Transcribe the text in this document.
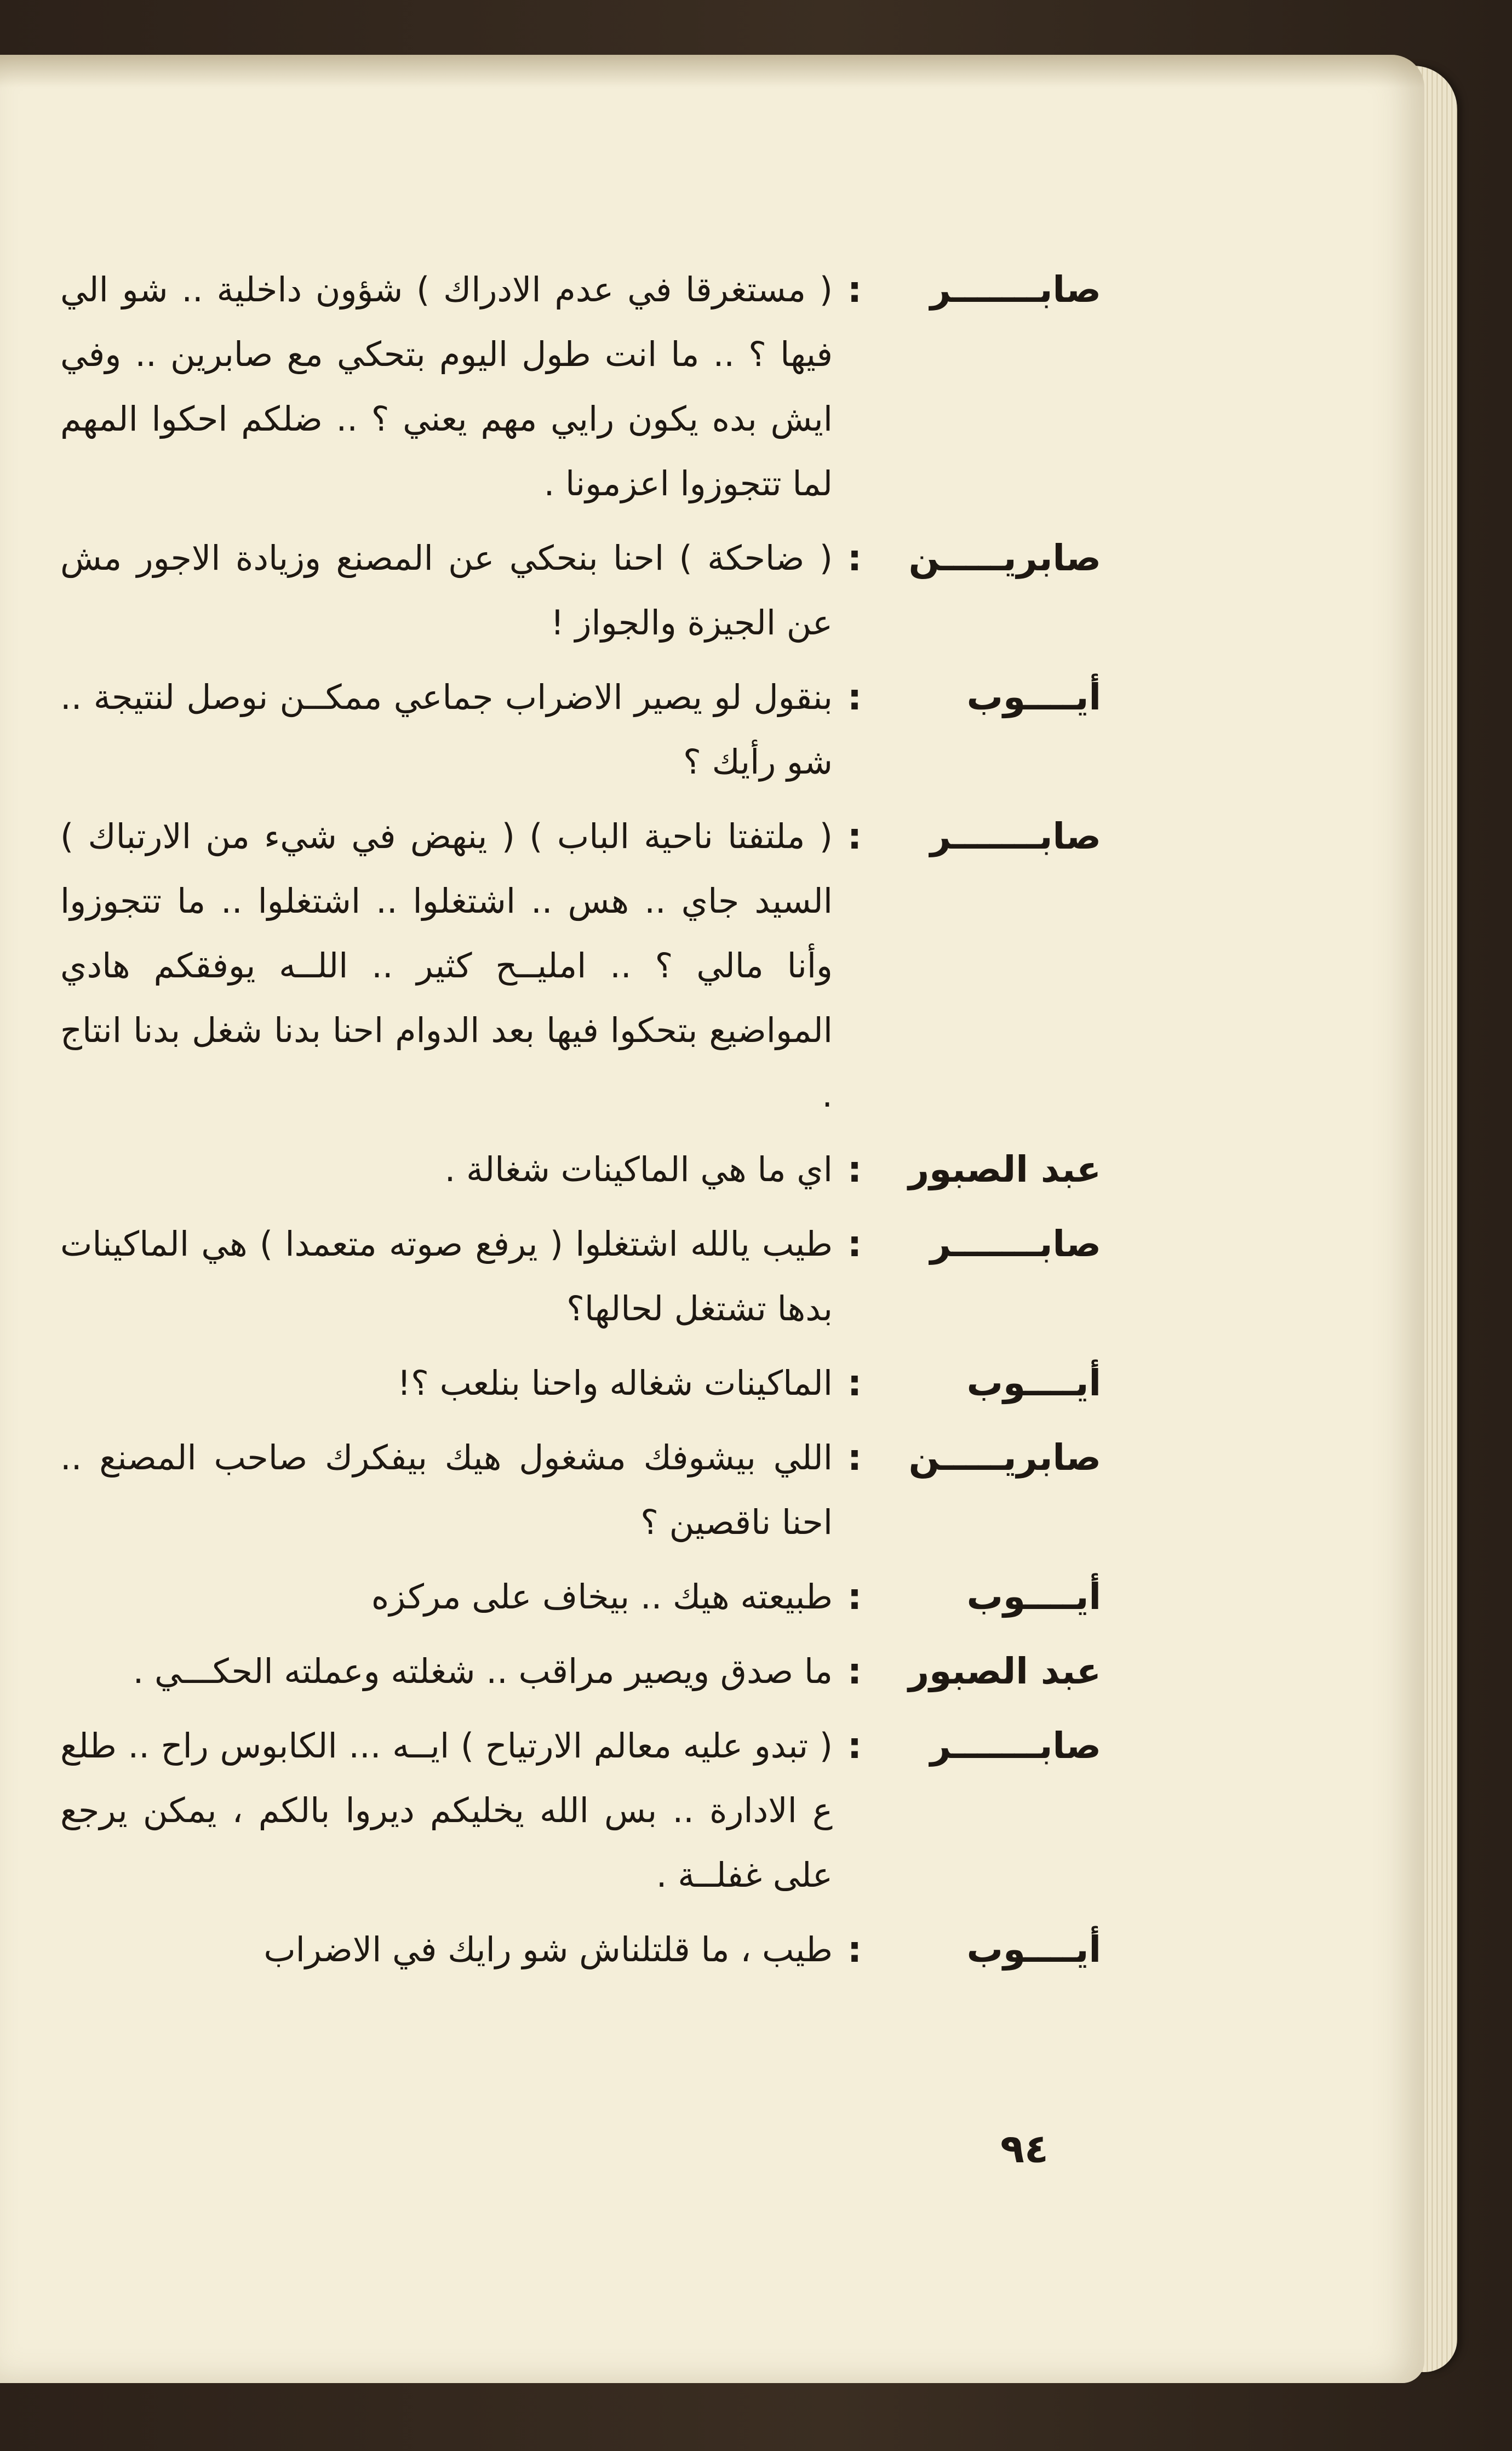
صابـــــــر
:
( مستغرقا في عدم الادراك ) شؤون داخلية .. شو الي فيها ؟ .. ما انت طول اليوم بتحكي مع صابرين .. وفي ايش بده يكون رايي مهم يعني ؟ .. ضلكم احكوا المهم لما تتجوزوا اعزمونا .
صابريـــــن
:
( ضاحكة ) احنا بنحكي عن المصنع وزيادة الاجور مش عن الجيزة والجواز !
أيــــوب
:
بنقول لو يصير الاضراب جماعي ممكــن نوصل لنتيجة .. شو رأيك ؟
صابـــــــر
:
( ملتفتا ناحية الباب ) ( ينهض في شيء من الارتباك ) السيد جاي .. هس .. اشتغلوا .. اشتغلوا .. ما تتجوزوا وأنا مالي ؟ .. امليــح كثير .. اللــه يوفقكم هادي المواضيع بتحكوا فيها بعد الدوام احنا بدنا شغل بدنا انتاج .
عبد الصبور
:
اي ما هي الماكينات شغالة .
صابـــــــر
:
طيب يالله اشتغلوا ( يرفع صوته متعمدا ) هي الماكينات بدها تشتغل لحالها؟
أيــــوب
:
الماكينات شغاله واحنا بنلعب ؟!
صابريـــــن
:
اللي بيشوفك مشغول هيك بيفكرك صاحب المصنع .. احنا ناقصين ؟
أيــــوب
:
طبيعته هيك .. بيخاف على مركزه
عبد الصبور
:
ما صدق ويصير مراقب .. شغلته وعملته الحكـــي .
صابـــــــر
:
( تبدو عليه معالم الارتياح ) ايــه ... الكابوس راح .. طلع ع الادارة .. بس الله يخليكم ديروا بالكم ، يمكن يرجع على غفلــة .
أيــــوب
:
طيب ، ما قلتلناش شو رايك في الاضراب
٩٤
